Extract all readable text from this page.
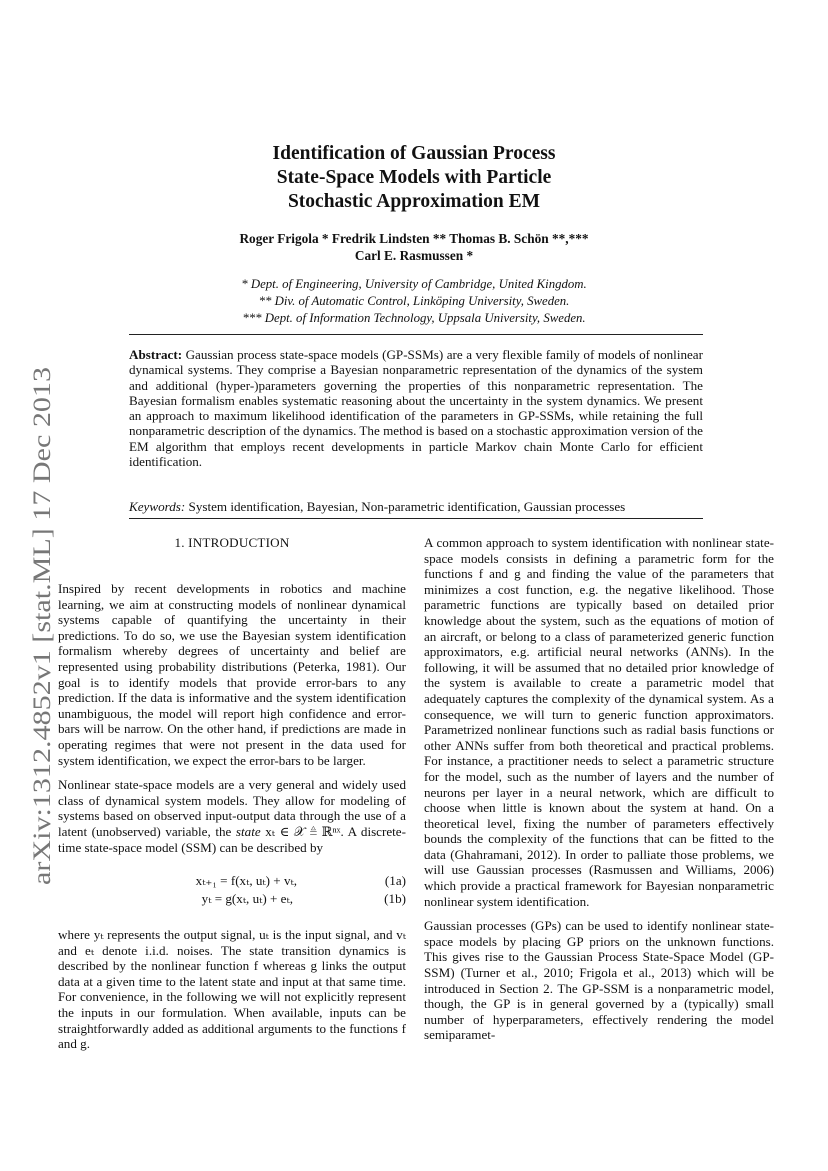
arXiv:1312.4852v1 [stat.ML] 17 Dec 2013
Identification of Gaussian Process
State-Space Models with Particle
Stochastic Approximation EM
Roger Frigola * Fredrik Lindsten ** Thomas B. Schön **,***
Carl E. Rasmussen *
* Dept. of Engineering, University of Cambridge, United Kingdom.
** Div. of Automatic Control, Linköping University, Sweden.
*** Dept. of Information Technology, Uppsala University, Sweden.

Abstract: Gaussian process state-space models (GP-SSMs) are a very flexible family of models of nonlinear dynamical systems. They comprise a Bayesian nonparametric representation of the dynamics of the system and additional (hyper-)parameters governing the properties of this nonparametric representation. The Bayesian formalism enables systematic reasoning about the uncertainty in the system dynamics. We present an approach to maximum likelihood identification of the parameters in GP-SSMs, while retaining the full nonparametric description of the dynamics. The method is based on a stochastic approximation version of the EM algorithm that employs recent developments in particle Markov chain Monte Carlo for efficient identification.

Keywords: System identification, Bayesian, Non-parametric identification, Gaussian processes

1. INTRODUCTION

Inspired by recent developments in robotics and machine learning, we aim at constructing models of nonlinear dynamical systems capable of quantifying the uncertainty in their predictions. To do so, we use the Bayesian system identification formalism whereby degrees of uncertainty and belief are represented using probability distributions (Peterka, 1981). Our goal is to identify models that provide error-bars to any prediction. If the data is informative and the system identification unambiguous, the model will report high confidence and error-bars will be narrow. On the other hand, if predictions are made in operating regimes that were not present in the data used for system identification, we expect the error-bars to be larger.

Nonlinear state-space models are a very general and widely used class of dynamical system models. They allow for modeling of systems based on observed input-output data through the use of a latent (unobserved) variable, the state xₜ ∈ 𝒳 ≜ ℝⁿˣ. A discrete-time state-space model (SSM) can be described by

xₜ₊₁ = f(xₜ, uₜ) + vₜ,	(1a)
yₜ = g(xₜ, uₜ) + eₜ,	(1b)

where yₜ represents the output signal, uₜ is the input signal, and vₜ and eₜ denote i.i.d. noises. The state transition dynamics is described by the nonlinear function f whereas g links the output data at a given time to the latent state and input at that same time. For convenience, in the following we will not explicitly represent the inputs in our formulation. When available, inputs can be straightforwardly added as additional arguments to the functions f and g.

A common approach to system identification with nonlinear state-space models consists in defining a parametric form for the functions f and g and finding the value of the parameters that minimizes a cost function, e.g. the negative likelihood. Those parametric functions are typically based on detailed prior knowledge about the system, such as the equations of motion of an aircraft, or belong to a class of parameterized generic function approximators, e.g. artificial neural networks (ANNs). In the following, it will be assumed that no detailed prior knowledge of the system is available to create a parametric model that adequately captures the complexity of the dynamical system. As a consequence, we will turn to generic function approximators. Parametrized nonlinear functions such as radial basis functions or other ANNs suffer from both theoretical and practical problems. For instance, a practitioner needs to select a parametric structure for the model, such as the number of layers and the number of neurons per layer in a neural network, which are difficult to choose when little is known about the system at hand. On a theoretical level, fixing the number of parameters effectively bounds the complexity of the functions that can be fitted to the data (Ghahramani, 2012). In order to palliate those problems, we will use Gaussian processes (Rasmussen and Williams, 2006) which provide a practical framework for Bayesian nonparametric nonlinear system identification.

Gaussian processes (GPs) can be used to identify nonlinear state-space models by placing GP priors on the unknown functions. This gives rise to the Gaussian Process State-Space Model (GP-SSM) (Turner et al., 2010; Frigola et al., 2013) which will be introduced in Section 2. The GP-SSM is a nonparametric model, though, the GP is in general governed by a (typically) small number of hyperparameters, effectively rendering the model semiparamet-
